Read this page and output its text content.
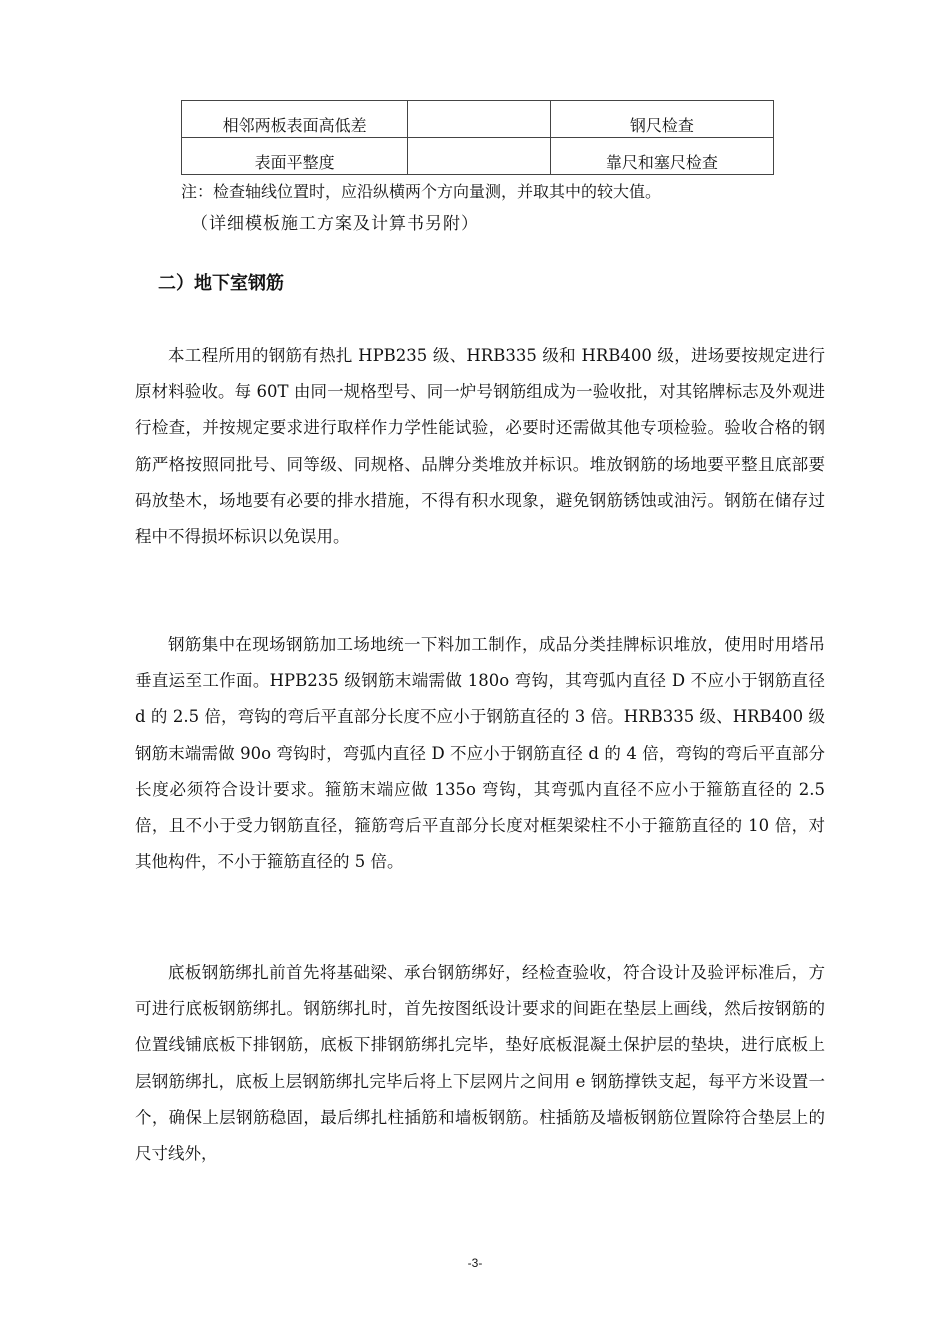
相邻两板表面高低差		钢尺检查
表面平整度		靠尺和塞尺检查
注：检查轴线位置时，应沿纵横两个方向量测，并取其中的较大值。
（详细模板施工方案及计算书另附）
二）地下室钢筋

本工程所用的钢筋有热扎 HPB235 级、HRB335 级和 HRB400 级，进场要按规定进行原材料验收。每 60T 由同一规格型号、同一炉号钢筋组成为一验收批，对其铭牌标志及外观进行检查，并按规定要求进行取样作力学性能试验，必要时还需做其他专项检验。验收合格的钢筋严格按照同批号、同等级、同规格、品牌分类堆放并标识。堆放钢筋的场地要平整且底部要码放垫木，场地要有必要的排水措施，不得有积水现象，避免钢筋锈蚀或油污。钢筋在储存过程中不得损坏标识以免误用。

钢筋集中在现场钢筋加工场地统一下料加工制作，成品分类挂牌标识堆放，使用时用塔吊垂直运至工作面。HPB235 级钢筋末端需做 180o 弯钩，其弯弧内直径 D 不应小于钢筋直径 d 的 2.5 倍，弯钩的弯后平直部分长度不应小于钢筋直径的 3 倍。HRB335 级、HRB400 级钢筋末端需做 90o 弯钩时，弯弧内直径 D 不应小于钢筋直径 d 的 4 倍，弯钩的弯后平直部分长度必须符合设计要求。箍筋末端应做 135o 弯钩，其弯弧内直径不应小于箍筋直径的 2.5 倍，且不小于受力钢筋直径，箍筋弯后平直部分长度对框架梁柱不小于箍筋直径的 10 倍，对其他构件，不小于箍筋直径的 5 倍。

底板钢筋绑扎前首先将基础梁、承台钢筋绑好，经检查验收，符合设计及验评标准后，方可进行底板钢筋绑扎。钢筋绑扎时，首先按图纸设计要求的间距在垫层上画线，然后按钢筋的位置线铺底板下排钢筋，底板下排钢筋绑扎完毕，垫好底板混凝土保护层的垫块，进行底板上层钢筋绑扎，底板上层钢筋绑扎完毕后将上下层网片之间用 e 钢筋撑铁支起，每平方米设置一个，确保上层钢筋稳固，最后绑扎柱插筋和墙板钢筋。柱插筋及墙板钢筋位置除符合垫层上的尺寸线外，

-3-
